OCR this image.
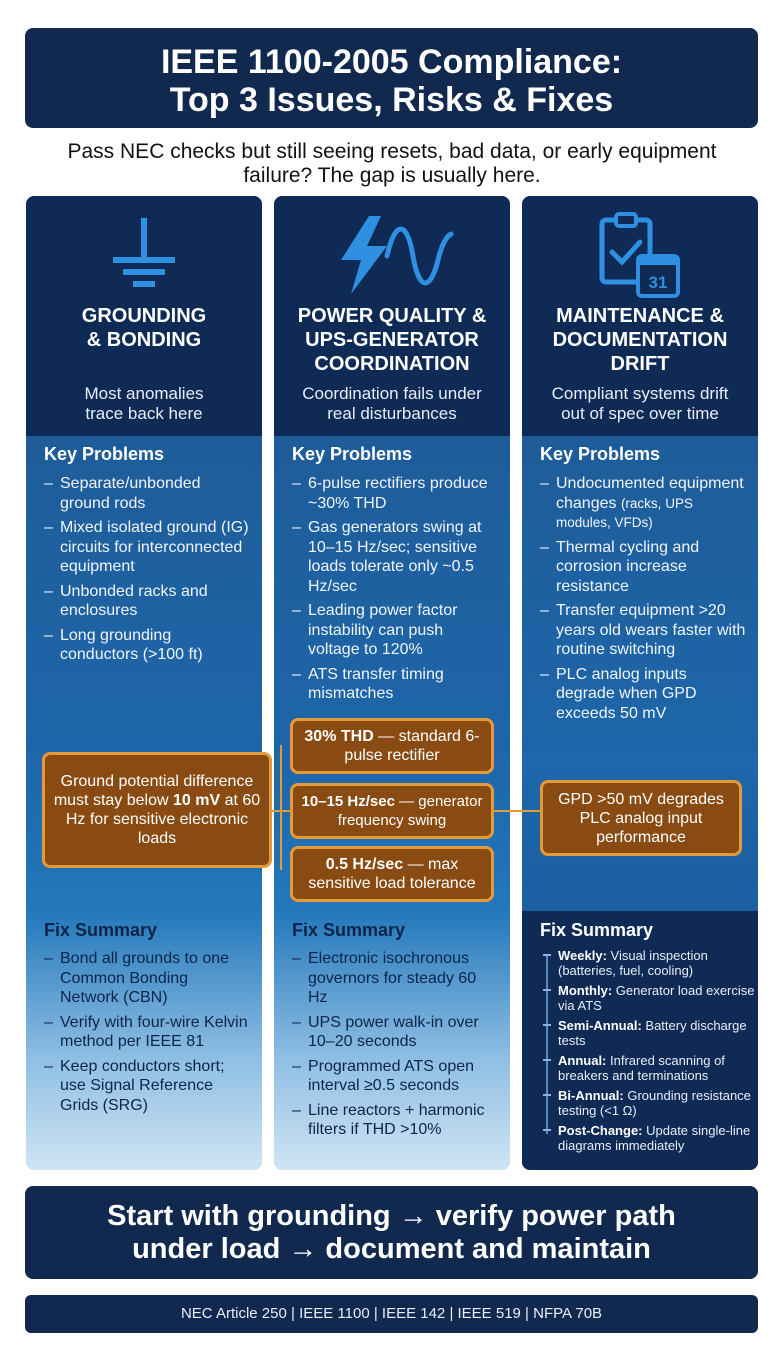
IEEE 1100-2005 Compliance:
Top 3 Issues, Risks & Fixes
Pass NEC checks but still seeing resets, bad data, or early equipment
failure? The gap is usually here.
GROUNDING
& BONDING
Most anomalies
trace back here
Key Problems
– Separate/unbonded ground rods
– Mixed isolated ground (IG) circuits for interconnected equipment
– Unbonded racks and enclosures
– Long grounding conductors (>100 ft)
Fix Summary
– Bond all grounds to one Common Bonding Network (CBN)
– Verify with four-wire Kelvin method per IEEE 81
– Keep conductors short; use Signal Reference Grids (SRG)
POWER QUALITY &
UPS-GENERATOR
COORDINATION
Coordination fails under
real disturbances
Key Problems
– 6-pulse rectifiers produce ~30% THD
– Gas generators swing at 10–15 Hz/sec; sensitive loads tolerate only ~0.5 Hz/sec
– Leading power factor instability can push voltage to 120%
– ATS transfer timing mismatches
Fix Summary
– Electronic isochronous governors for steady 60 Hz
– UPS power walk-in over 10–20 seconds
– Programmed ATS open interval ≥0.5 seconds
– Line reactors + harmonic filters if THD >10%
31
MAINTENANCE &
DOCUMENTATION
DRIFT
Compliant systems drift
out of spec over time
Key Problems
– Undocumented equipment changes (racks, UPS modules, VFDs)
– Thermal cycling and corrosion increase resistance
– Transfer equipment >20 years old wears faster with routine switching
– PLC analog inputs degrade when GPD exceeds 50 mV
Fix Summary
Weekly: Visual inspection (batteries, fuel, cooling)
Monthly: Generator load exercise via ATS
Semi-Annual: Battery discharge tests
Annual: Infrared scanning of breakers and terminations
Bi-Annual: Grounding resistance testing (<1 Ω)
Post-Change: Update single-line diagrams immediately
Ground potential difference must stay below 10 mV at 60 Hz for sensitive electronic loads
30% THD — standard 6-pulse rectifier
10–15 Hz/sec — generator frequency swing
0.5 Hz/sec — max sensitive load tolerance
GPD >50 mV degrades PLC analog input performance
Start with grounding → verify power path
under load → document and maintain
NEC Article 250 | IEEE 1100 | IEEE 142 | IEEE 519 | NFPA 70B
